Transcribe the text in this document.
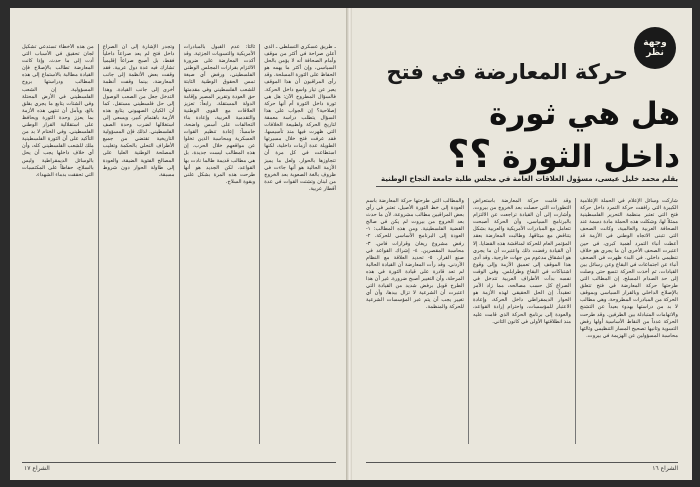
ـ طريق عسكري التسلطي ـ الذي أعلن صراحة في أكثر من موقف وأمام الصحافة أنه لا يؤمن بالحل السياسي، وإن أكثر ما يهمه هو الحفاظ على الثورة المسلحة. وقد رأى المراقبون أن هذا الموقف يعبر عن تيار واسع داخل الحركة. فالسؤال المطروح الآن: هل هي ثورة داخل الثورة أم أنها حركة إصلاحية؟ إن الجواب على هذا السؤال يتطلب دراسة معمقة لتاريخ الحركة ولطبيعة الخلافات التي ظهرت فيها منذ تأسيسها. فقد عرفت فتح خلال مسيرتها الطويلة عدة أزمات داخلية، لكنها استطاعت في كل مرة أن تتجاوزها بالحوار. ولعل ما يميز الأزمة الحالية هو أنها جاءت في ظروف بالغة الصعوبة بعد الخروج من لبنان وتشتت القوات في عدة أقطار عربية.
ثالثاً: عدم القبول بالمبادرات الأمريكية والتسويات الجزئية. وقد أكدت المعارضة على ضرورة الالتزام بقرارات المجلس الوطني الفلسطيني، ورفض أي صيغة تمس الحقوق الوطنية الثابتة للشعب الفلسطيني وفي مقدمتها حق العودة وتقرير المصير وإقامة الدولة المستقلة. رابعاً: تعزيز العلاقات مع القوى الوطنية والتقدمية العربية، وإعادة بناء التحالفات على أسس واضحة. خامساً: إعادة تنظيم القوات العسكرية ومحاسبة الذين تخلوا عن مواقعهم خلال الحرب. إن هذه المطالب ليست جديدة، بل هي مطالب قديمة طالما نادت بها القواعد، لكن الجديد هو أنها طرحت هذه المرة بشكل علني وبقوة السلاح.
وتجدر الإشارة إلى أن الصراع داخل فتح لم يعد صراعاً داخلياً فقط، بل أصبح صراعاً إقليمياً تشارك فيه عدة دول عربية. فقد وقفت بعض الأنظمة إلى جانب المعارضة، بينما وقفت أنظمة أخرى إلى جانب القيادة. وهذا التدخل جعل من الصعب الوصول إلى حل فلسطيني مستقل. كما أن الكيان الصهيوني يتابع هذه الأزمة باهتمام كبير، ويسعى إلى استغلالها لضرب وحدة الصف الفلسطيني. لذلك فإن المسؤولية التاريخية تقتضي من جميع الأطراف التحلي بالحكمة وتغليب المصلحة الوطنية العليا على المصالح الفئوية الضيقة، والعودة إلى طاولة الحوار دون شروط مسبقة.
من هذه الأخطاء تستدعي تشكيل لجان تحقيق في الأسباب التي أدت إلى ما حدث. وإذا كانت المعارضة تطالب بالإصلاح فإن القيادة مطالبة بالاستماع إلى هذه المطالب ودراستها بروح المسؤولية. إن الشعب الفلسطيني في الأرض المحتلة وفي الشتات يتابع ما يجري بقلق بالغ، ويأمل أن تنتهي هذه الأزمة بما يعزز وحدة الثورة ويحافظ على استقلالية القرار الوطني الفلسطيني. وفي الختام لا بد من التأكيد على أن الثورة الفلسطينية ملك للشعب الفلسطيني كله، وأن أي خلاف داخلها يجب أن يحل بالوسائل الديمقراطية وليس بالسلاح، حفاظاً على المكتسبات التي تحققت بدماء الشهداء.
الشراع ١٧
وجهة
نظر
حركة المعارضة في فتح
هل هي ثورة داخل الثورة ؟؟
بقلم محمد خليل عيسى، مسؤول العلاقات العامة في مجلس طلبة جامعة النجاح الوطنية
شاركت وسائل الإعلام في الحملة الإعلامية الكبيرة التي رافقت حركة التمرد داخل حركة فتح التي تعتبر منظمة التحرير الفلسطينية ممثلاً لها، وشكلت هذه الحملة مادة دسمة عند الصحافة العربية والعالمية، وكانت الصحف التي تتبنى الاتجاه الوطني في الأزمة قد أعطت أنباء التمرد أهمية كبرى، في حين اعتبرت الصحف الأخرى أن ما يجري هو خلاف تنظيمي داخلي. في البدء ظهرت في الصحف أنباء عن اجتماعات في البقاع وعن رسائل بين القيادات، ثم أخذت الحركة تتسع حتى وصلت إلى حد الصدام المسلح. إن المطالب التي طرحتها حركة المعارضة في فتح تتعلق بالإصلاح الداخلي وبالقرار السياسي وبموقف الحركة من المبادرات المطروحة، وهي مطالب لا بد من دراستها بهدوء بعيداً عن التشنج والاتهامات المتبادلة بين الطرفين. وقد طرحت الحركة عدداً من النقاط الأساسية أولها رفض التسوية وثانيها تصحيح المسار التنظيمي وثالثها محاسبة المسؤولين عن الهزيمة في بيروت.
وقد قامت حركة المعارضة باستعراض التطورات التي حصلت بعد الخروج من بيروت، وأشارت إلى أن القيادة تراجعت عن الالتزام بالبرنامج السياسي، وأن الحركة أصبحت تتعامل مع المبادرات الأمريكية والعربية بشكل يتناقض مع ميثاقها. وطالبت المعارضة بعقد المؤتمر العام للحركة لمناقشة هذه القضايا. إلا أن القيادة رفضت ذلك واعتبرت أن ما يجري هو انشقاق مدعوم من جهات خارجية. وقد أدى هذا الموقف إلى تعميق الأزمة وإلى وقوع اشتباكات في البقاع وطرابلس. وفي الوقت نفسه بدأت الأطراف العربية تتدخل في الصراع كل حسب مصالحه، مما زاد الأمر تعقيداً. إن الحل الحقيقي لهذه الأزمة هو الحوار الديمقراطي داخل الحركة، وإعادة الاعتبار للمؤسسات، واحترام إرادة القواعد، والعودة إلى برنامج الحركة الذي قامت عليه منذ انطلاقتها الأولى في كانون الثاني.
والمطالب التي طرحتها حركة المعارضة باسم العودة إلى خط الثورة الأصيل، تعتبر في رأي بعض المراقبين مطالب مشروعة، لأن ما حدث بعد الخروج من بيروت لم يكن في صالح القضية الفلسطينية. ومن هذه المطالب: ١- العودة إلى البرنامج الأساسي للحركة. ٢- رفض مشروع ريغان وقرارات فاس. ٣- محاسبة المقصرين. ٤- إشراك القواعد في صنع القرار. ٥- تحديد العلاقة مع النظام الأردني. وقد رأت المعارضة أن القيادة الحالية لم تعد قادرة على قيادة الثورة في هذه المرحلة، وأن التغيير أصبح ضرورة. غير أن هذا الطرح قوبل برفض شديد من القيادة التي اعتبرت أن الشرعية لا تزال بيدها، وأن أي تغيير يجب أن يتم عبر المؤسسات الشرعية للحركة والمنظمة.
الشراع ١٦
